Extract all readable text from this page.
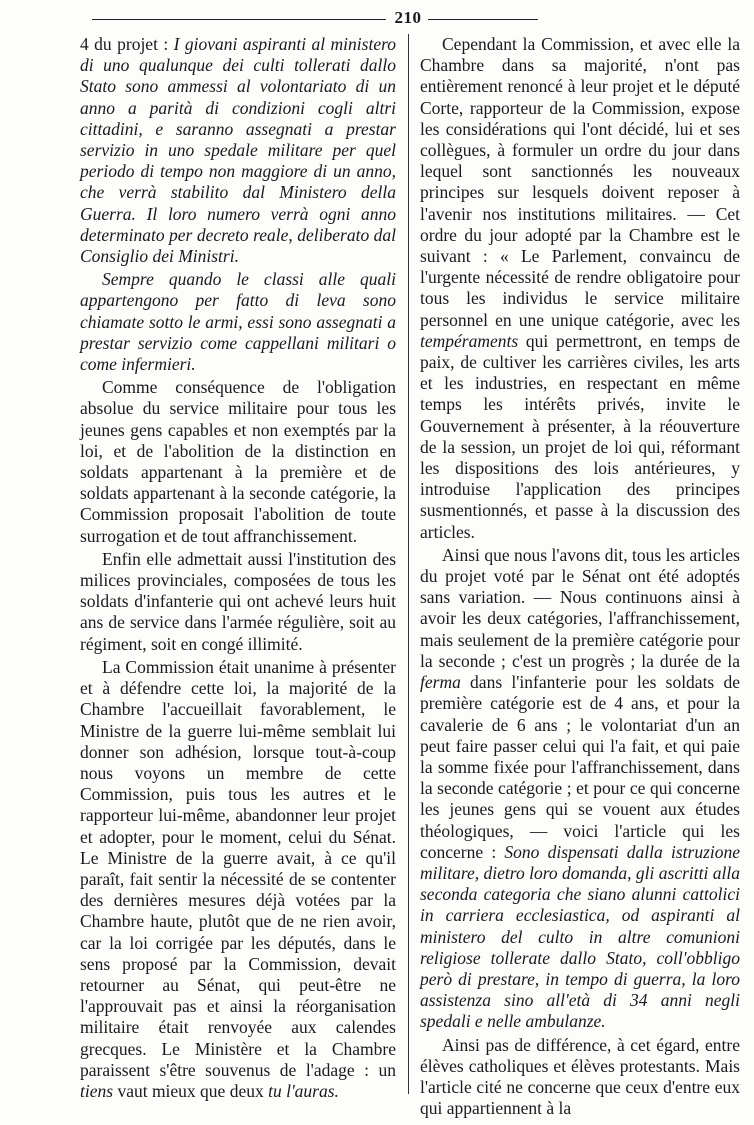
210

4 du projet : I giovani aspiranti al ministero di uno qualunque dei culti tollerati dallo Stato sono ammessi al volontariato di un anno a parità di condizioni cogli altri cittadini, e saranno assegnati a prestar servizio in uno spedale militare per quel periodo di tempo non maggiore di un anno, che verrà stabilito dal Ministero della Guerra. Il loro numero verrà ogni anno determinato per decreto reale, deliberato dal Consiglio dei Ministri.

Sempre quando le classi alle quali appartengono per fatto di leva sono chiamate sotto le armi, essi sono assegnati a prestar servizio come cappellani militari o come infermieri.

Comme conséquence de l'obligation absolue du service militaire pour tous les jeunes gens capables et non exemptés par la loi, et de l'abolition de la distinction en soldats appartenant à la première et de soldats appartenant à la seconde catégorie, la Commission proposait l'abolition de toute surrogation et de tout affranchissement.

Enfin elle admettait aussi l'institution des milices provinciales, composées de tous les soldats d'infanterie qui ont achevé leurs huit ans de service dans l'armée régulière, soit au régiment, soit en congé illimité.

La Commission était unanime à présenter et à défendre cette loi, la majorité de la Chambre l'accueillait favorablement, le Ministre de la guerre lui-même semblait lui donner son adhésion, lorsque tout-à-coup nous voyons un membre de cette Commission, puis tous les autres et le rapporteur lui-même, abandonner leur projet et adopter, pour le moment, celui du Sénat. Le Ministre de la guerre avait, à ce qu'il paraît, fait sentir la nécessité de se contenter des dernières mesures déjà votées par la Chambre haute, plutôt que de ne rien avoir, car la loi corrigée par les députés, dans le sens proposé par la Commission, devait retourner au Sénat, qui peut-être ne l'approuvait pas et ainsi la réorganisation militaire était renvoyée aux calendes grecques. Le Ministère et la Chambre paraissent s'être souvenus de l'adage : un tiens vaut mieux que deux tu l'auras.

Cependant la Commission, et avec elle la Chambre dans sa majorité, n'ont pas entièrement renoncé à leur projet et le député Corte, rapporteur de la Commission, expose les considérations qui l'ont décidé, lui et ses collègues, à formuler un ordre du jour dans lequel sont sanctionnés les nouveaux principes sur lesquels doivent reposer à l'avenir nos institutions militaires. — Cet ordre du jour adopté par la Chambre est le suivant : « Le Parlement, convaincu de l'urgente nécessité de rendre obligatoire pour tous les individus le service militaire personnel en une unique catégorie, avec les tempéraments qui permettront, en temps de paix, de cultiver les carrières civiles, les arts et les industries, en respectant en même temps les intérêts privés, invite le Gouvernement à présenter, à la réouverture de la session, un projet de loi qui, réformant les dispositions des lois antérieures, y introduise l'application des principes susmentionnés, et passe à la discussion des articles.

Ainsi que nous l'avons dit, tous les articles du projet voté par le Sénat ont été adoptés sans variation. — Nous continuons ainsi à avoir les deux catégories, l'affranchissement, mais seulement de la première catégorie pour la seconde ; c'est un progrès ; la durée de la ferma dans l'infanterie pour les soldats de première catégorie est de 4 ans, et pour la cavalerie de 6 ans ; le volontariat d'un an peut faire passer celui qui l'a fait, et qui paie la somme fixée pour l'affranchissement, dans la seconde catégorie ; et pour ce qui concerne les jeunes gens qui se vouent aux études théologiques, — voici l'article qui les concerne : Sono dispensati dalla istruzione militare, dietro loro domanda, gli ascritti alla seconda categoria che siano alunni cattolici in carriera ecclesiastica, od aspiranti al ministero del culto in altre comunioni religiose tollerate dallo Stato, coll'obbligo però di prestare, in tempo di guerra, la loro assistenza sino all'età di 34 anni negli spedali e nelle ambulanze.

Ainsi pas de différence, à cet égard, entre élèves catholiques et élèves protestants. Mais l'article cité ne concerne que ceux d'entre eux qui appartiennent à la
